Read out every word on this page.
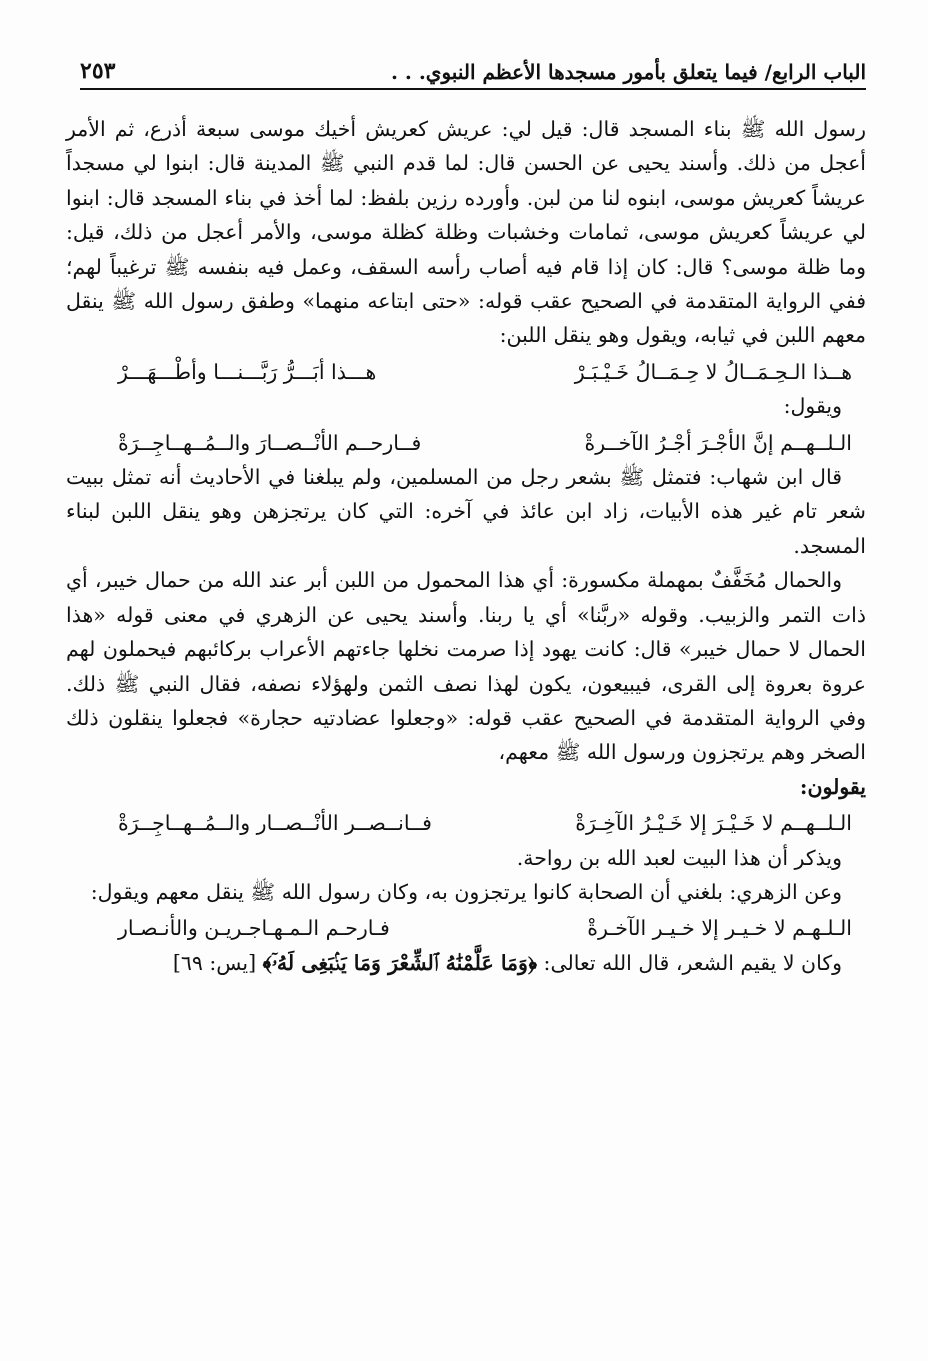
الباب الرابع/ فيما يتعلق بأمور مسجدها الأعظم النبوي. . .
٢٥٣

رسول الله ﷺ بناء المسجد قال: قيل لي: عريش كعريش أخيك موسى سبعة أذرع، ثم الأمر أعجل من ذلك. وأسند يحيى عن الحسن قال: لما قدم النبي ﷺ المدينة قال: ابنوا لي مسجداً عريشاً كعريش موسى، ابنوه لنا من لبن. وأورده رزين بلفظ: لما أخذ في بناء المسجد قال: ابنوا لي عريشاً كعريش موسى، ثمامات وخشبات وظلة كظلة موسى، والأمر أعجل من ذلك، قيل: وما ظلة موسى؟ قال: كان إذا قام فيه أصاب رأسه السقف، وعمل فيه بنفسه ﷺ ترغيباً لهم؛ ففي الرواية المتقدمة في الصحيح عقب قوله: «حتى ابتاعه منهما» وطفق رسول الله ﷺ ينقل معهم اللبن في ثيابه، ويقول وهو ينقل اللبن:

هــذا الـحِـمَــالُ لا حِـمَــالُ خَـيْـبَـرْ
هـــذا أبَـــرُّ رَبَّـــنـــا وأطْـــهَـــرْ

ويقول:

الـلــهــم إنَّ الأجْـرَ أجْـرُ الآخــرةْ
فــارحــم الأنْــصــارَ والــمُــهــاجِــرَةْ

قال ابن شهاب: فتمثل ﷺ بشعر رجل من المسلمين، ولم يبلغنا في الأحاديث أنه تمثل ببيت شعر تام غير هذه الأبيات، زاد ابن عائذ في آخره: التي كان يرتجزهن وهو ينقل اللبن لبناء المسجد.

والحمال مُخَفَّفٌ بمهملة مكسورة: أي هذا المحمول من اللبن أبر عند الله من حمال خيبر، أي ذات التمر والزبيب. وقوله «ربَّنا» أي يا ربنا. وأسند يحيى عن الزهري في معنى قوله «هذا الحمال لا حمال خيبر» قال: كانت يهود إذا صرمت نخلها جاءتهم الأعراب بركائبهم فيحملون لهم عروة بعروة إلى القرى، فيبيعون، يكون لهذا نصف الثمن ولهؤلاء نصفه، فقال النبي ﷺ ذلك. وفي الرواية المتقدمة في الصحيح عقب قوله: «وجعلوا عضادتيه حجارة» فجعلوا ينقلون ذلك الصخر وهم يرتجزون ورسول الله ﷺ معهم،
يقولون:

الـلــهــم لا خَـيْـرَ إلا خَـيْـرُ الآخِـرَةْ
فــانــصــر الأنْــصــار والــمُــهــاجِــرَةْ

ويذكر أن هذا البيت لعبد الله بن رواحة.

وعن الزهري: بلغني أن الصحابة كانوا يرتجزون به، وكان رسول الله ﷺ ينقل معهم ويقول:

الـلـهـم لا خـيـر إلا خـيـر الآخـرةْ
فـارحـم الـمـهـاجـريـن والأنـصـار

وكان لا يقيم الشعر، قال الله تعالى: ﴿وَمَا عَلَّمْنَٰهُ ٱلشِّعْرَ وَمَا يَنۢبَغِى لَهُۥٓ﴾ [يس: ٦٩]
